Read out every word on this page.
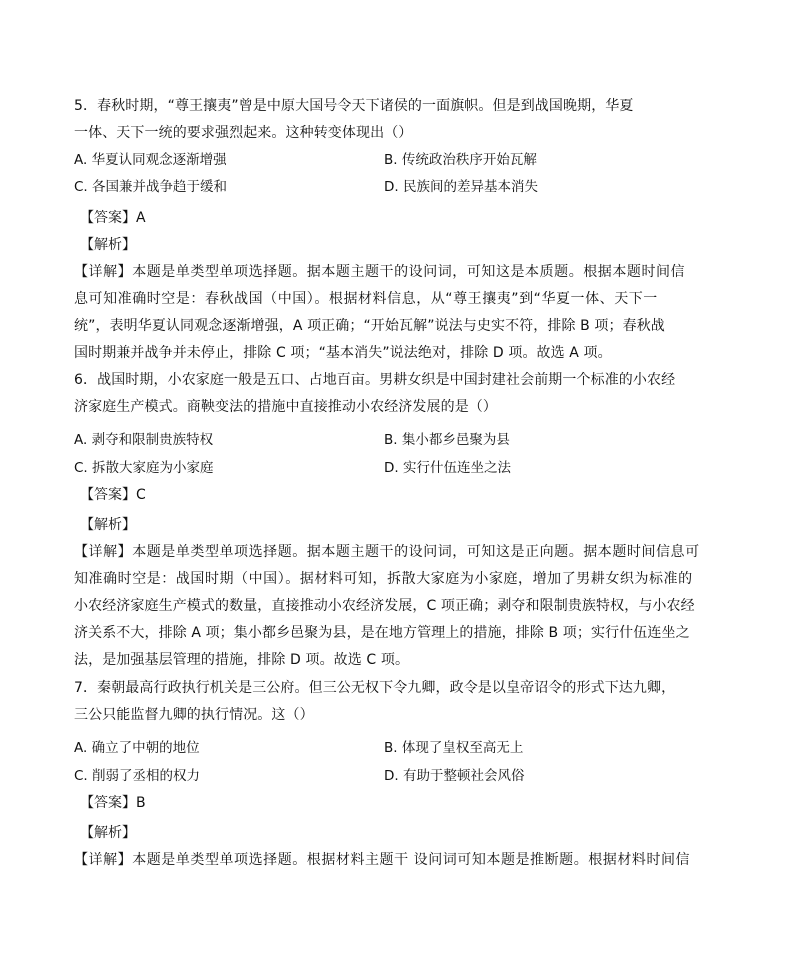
5．春秋时期，“尊王攘夷”曾是中原大国号令天下诸侯的一面旗帜。但是到战国晚期，华夏
一体、天下一统的要求强烈起来。这种转变体现出（）
A. 华夏认同观念逐渐增强	B. 传统政治秩序开始瓦解
C. 各国兼并战争趋于缓和	D. 民族间的差异基本消失
【答案】A
【解析】
【详解】本题是单类型单项选择题。据本题主题干的设问词，可知这是本质题。根据本题时间信
息可知准确时空是：春秋战国（中国）。根据材料信息，从“尊王攘夷”到“华夏一体、天下一
统”，表明华夏认同观念逐渐增强，A 项正确；“开始瓦解”说法与史实不符，排除 B 项；春秋战
国时期兼并战争并未停止，排除 C 项；“基本消失”说法绝对，排除 D 项。故选 A 项。
6．战国时期，小农家庭一般是五口、占地百亩。男耕女织是中国封建社会前期一个标准的小农经
济家庭生产模式。商鞅变法的措施中直接推动小农经济发展的是（）
A. 剥夺和限制贵族特权	B. 集小都乡邑聚为县
C. 拆散大家庭为小家庭	D. 实行什伍连坐之法
【答案】C
【解析】
【详解】本题是单类型单项选择题。据本题主题干的设问词，可知这是正向题。据本题时间信息可
知准确时空是：战国时期（中国）。据材料可知，拆散大家庭为小家庭，增加了男耕女织为标准的
小农经济家庭生产模式的数量，直接推动小农经济发展，C 项正确；剥夺和限制贵族特权，与小农经
济关系不大，排除 A 项；集小都乡邑聚为县，是在地方管理上的措施，排除 B 项；实行什伍连坐之
法，是加强基层管理的措施，排除 D 项。故选 C 项。
7．秦朝最高行政执行机关是三公府。但三公无权下令九卿，政令是以皇帝诏令的形式下达九卿，
三公只能监督九卿的执行情况。这（）
A. 确立了中朝的地位	B. 体现了皇权至高无上
C. 削弱了丞相的权力	D. 有助于整顿社会风俗
【答案】B
【解析】
【详解】本题是单类型单项选择题。根据材料主题干 设问词可知本题是推断题。根据材料时间信
